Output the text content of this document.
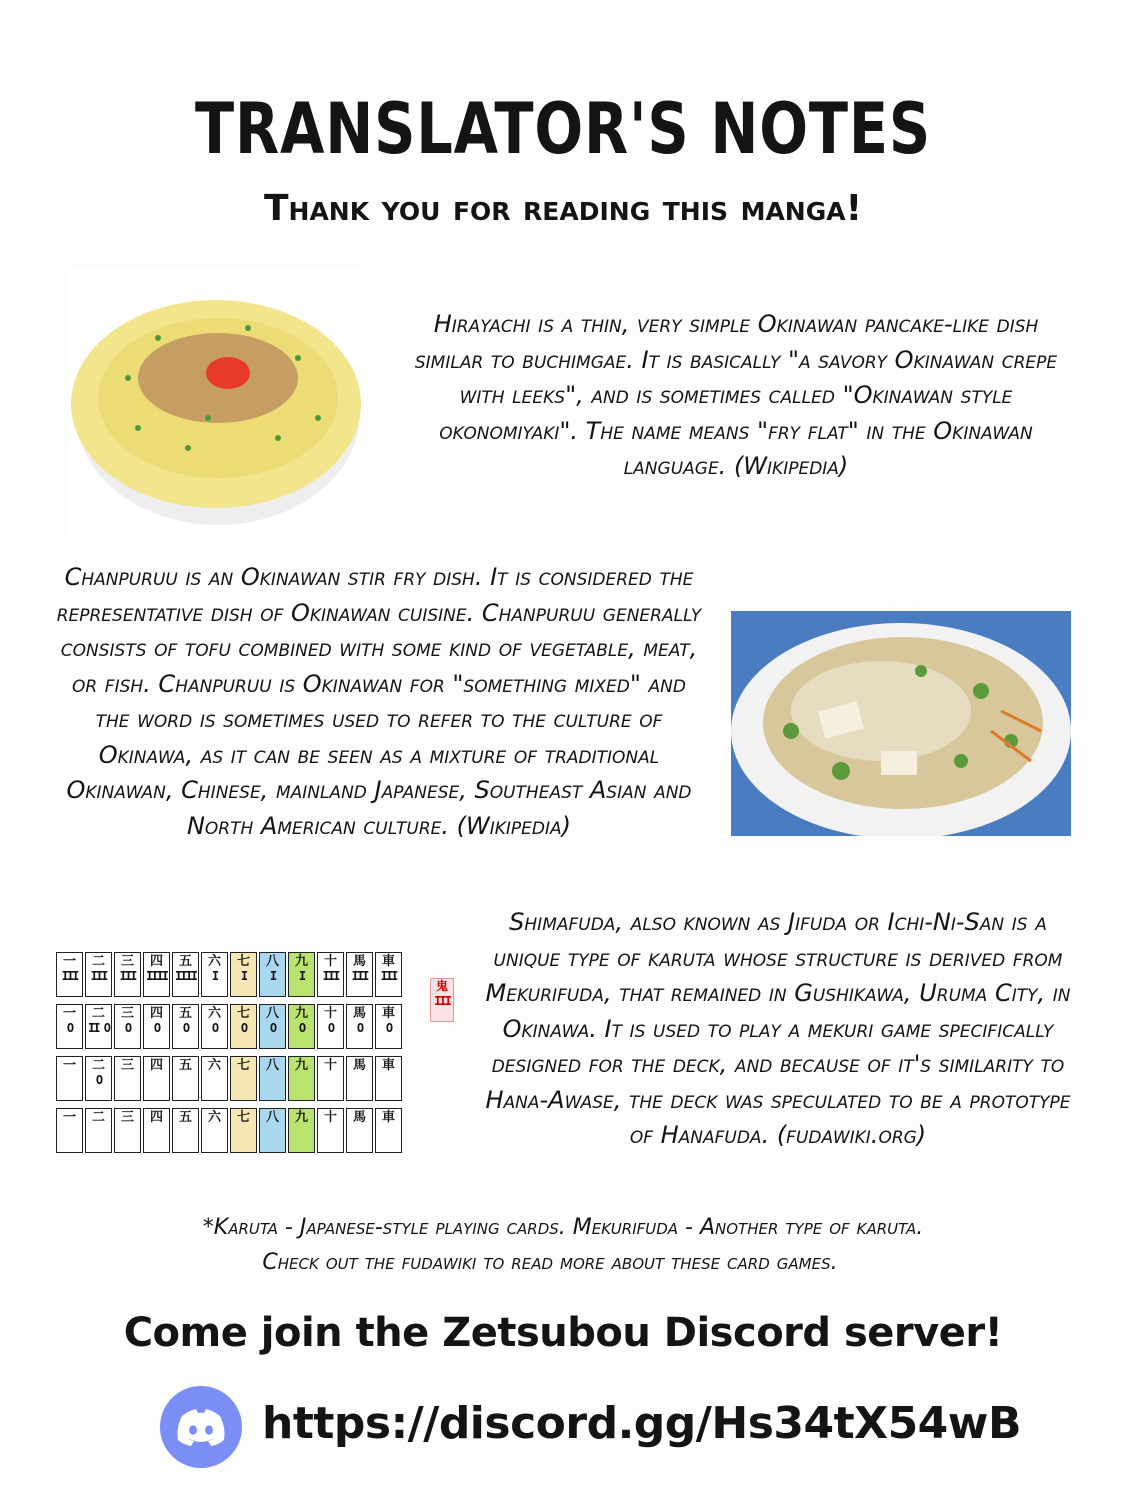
TRANSLATOR'S NOTES
Thank you for reading this manga!
Hirayachi is a thin, very simple Okinawan pancake-like dish similar to buchimgae. It is basically "a savory Okinawan crepe with leeks", and is sometimes called "Okinawan style okonomiyaki". The name means "fry flat" in the Okinawan language. (Wikipedia)
Chanpuruu is an Okinawan stir fry dish. It is considered the representative dish of Okinawan cuisine. Chanpuruu generally consists of tofu combined with some kind of vegetable, meat, or fish. Chanpuruu is Okinawan for "something mixed" and the word is sometimes used to refer to the culture of Okinawa, as it can be seen as a mixture of traditional Okinawan, Chinese, mainland Japanese, Southeast Asian and North American culture. (Wikipedia)
Shimafuda, also known as Jifuda or Ichi-Ni-San is a unique type of karuta whose structure is derived from Mekurifuda, that remained in Gushikawa, Uruma City, in Okinawa. It is used to play a mekuri game specifically designed for the deck, and because of it's similarity to Hana-Awase, the deck was speculated to be a prototype of Hanafuda. (fudawiki.org)
一
III
二
III
三
III
四
IIII
五
IIII
六
I
七
I
八
I
九
I
十
III
馬
III
車
III
一
O
二
II O
三
O
四
O
五
O
六
O
七
O
八
O
九
O
十
O
馬
O
車
O
一 二
O
三 四 五 六 七 八 九 十 馬 車
一 二 三 四 五 六 七 八 九 十 馬 車
鬼
III
*Karuta - Japanese-style playing cards. Mekurifuda - Another type of karuta.
Check out the fudawiki to read more about these card games.
Come join the Zetsubou Discord server!
https://discord.gg/Hs34tX54wB
